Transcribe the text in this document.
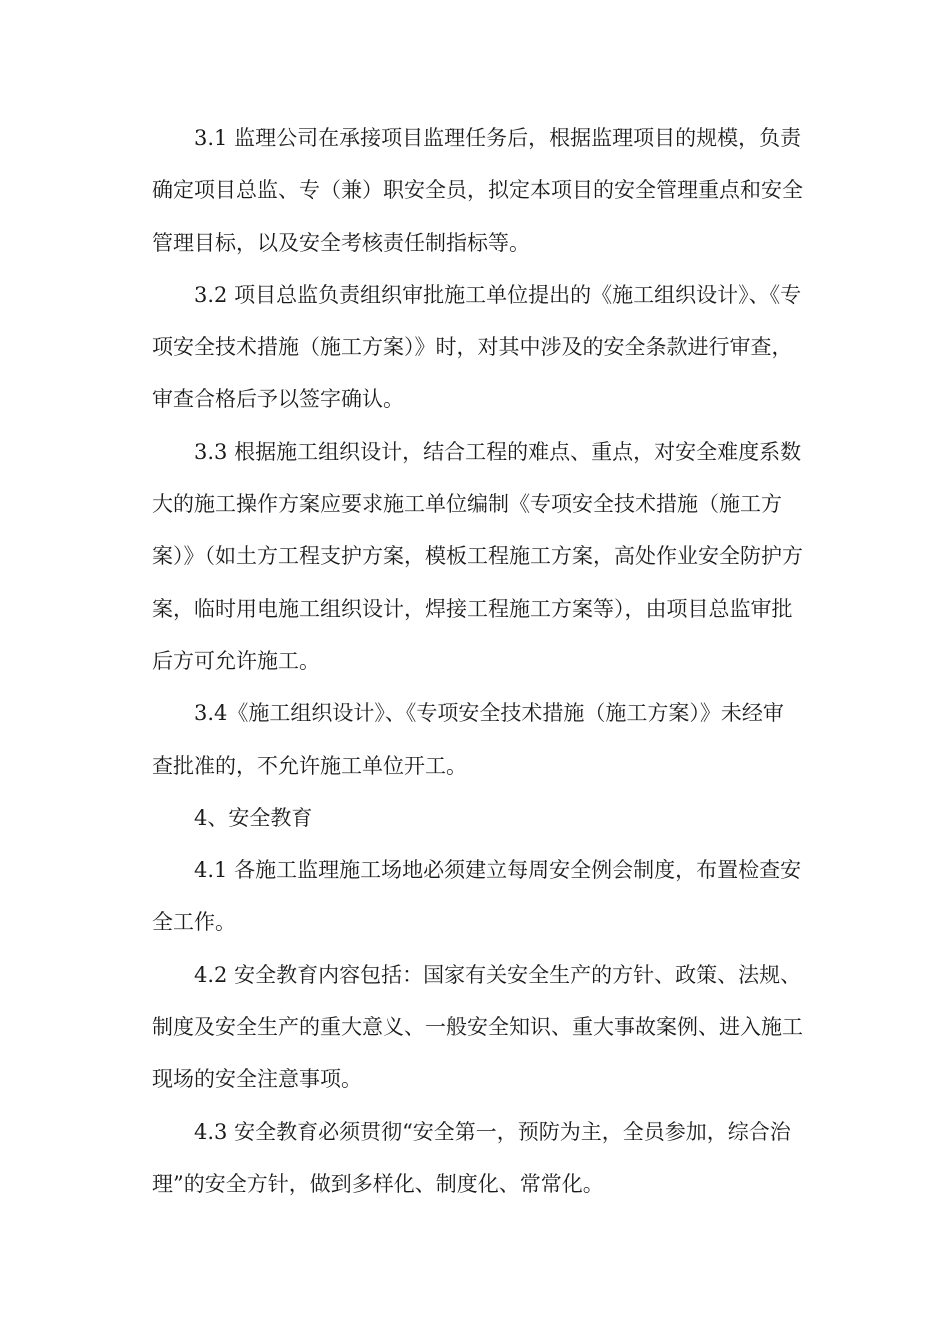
3.1 监理公司在承接项目监理任务后，根据监理项目的规模，负责确定项目总监、专（兼）职安全员，拟定本项目的安全管理重点和安全管理目标，以及安全考核责任制指标等。

3.2 项目总监负责组织审批施工单位提出的《施工组织设计》、《专项安全技术措施（施工方案）》时，对其中涉及的安全条款进行审查，审查合格后予以签字确认。

3.3 根据施工组织设计，结合工程的难点、重点，对安全难度系数大的施工操作方案应要求施工单位编制《专项安全技术措施（施工方案）》（如土方工程支护方案，模板工程施工方案，高处作业安全防护方案，临时用电施工组织设计，焊接工程施工方案等），由项目总监审批后方可允许施工。

3.4《施工组织设计》、《专项安全技术措施（施工方案）》未经审查批准的，不允许施工单位开工。

4、安全教育

4.1 各施工监理施工场地必须建立每周安全例会制度，布置检查安全工作。

4.2 安全教育内容包括：国家有关安全生产的方针、政策、法规、制度及安全生产的重大意义、一般安全知识、重大事故案例、进入施工现场的安全注意事项。

4.3 安全教育必须贯彻“安全第一，预防为主，全员参加，综合治理”的安全方针，做到多样化、制度化、常常化。
